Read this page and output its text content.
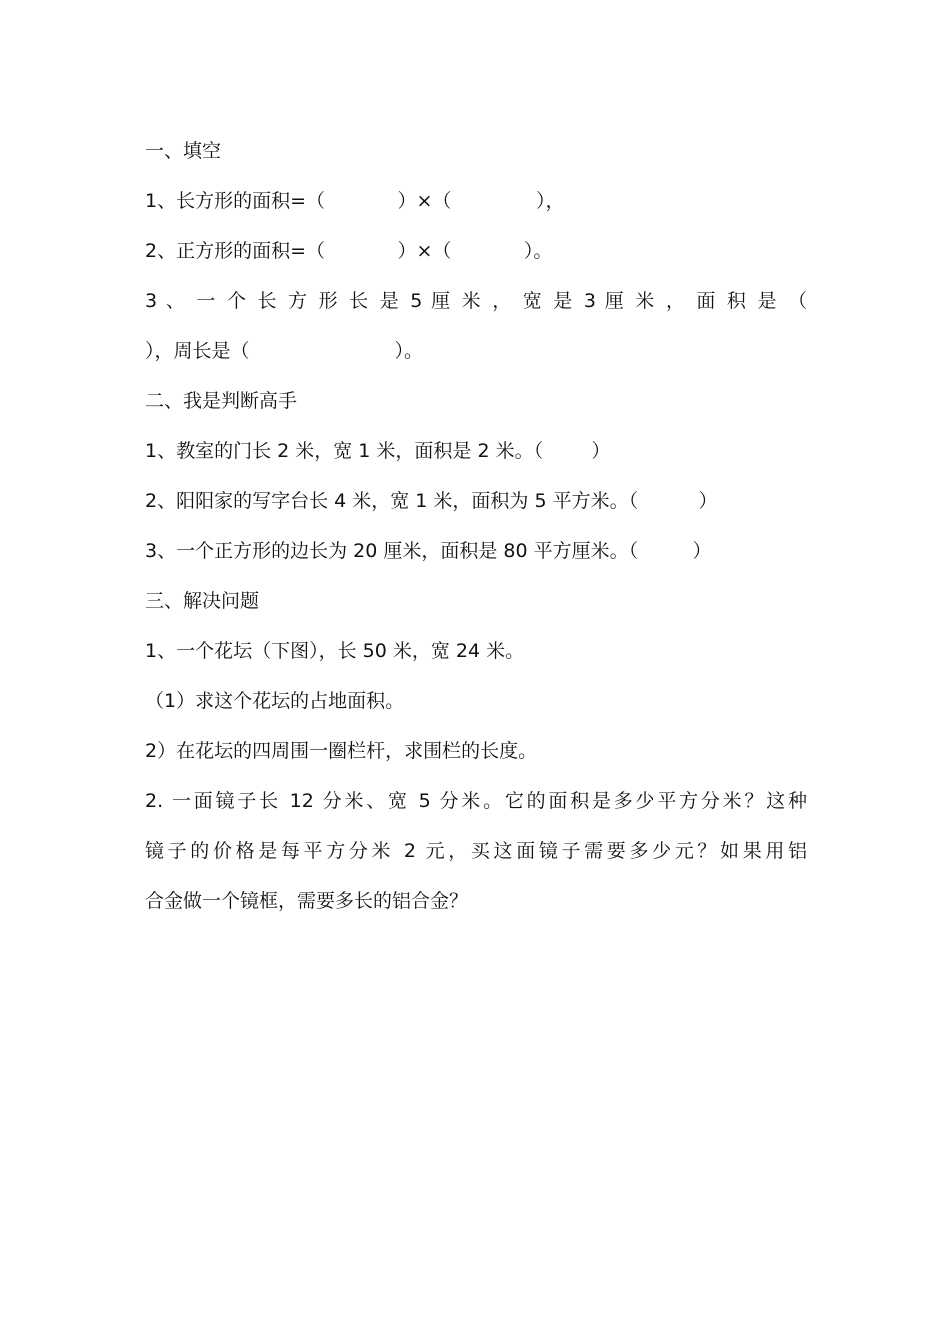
一、填空
1、长方形的面积=（            ）×（              ），
2、正方形的面积=（            ）×（            ）。
3 、 一 个 长 方 形 长 是 5 厘 米 ， 宽 是 3 厘 米 ， 面 积 是 （
），周长是（                        ）。
二、我是判断高手
1、教室的门长 2 米，宽 1 米，面积是 2 米。（        ）
2、阳阳家的写字台长 4 米，宽 1 米，面积为 5 平方米。（          ）
3、一个正方形的边长为 20 厘米，面积是 80 平方厘米。（         ）
三、解决问题
1、一个花坛（下图），长 50 米，宽 24 米。
（1）求这个花坛的占地面积。
2）在花坛的四周围一圈栏杆，求围栏的长度。
2. 一面镜子长 12 分米、宽 5 分米。它的面积是多少平方分米？这种
镜子的价格是每平方分米 2 元，买这面镜子需要多少元？如果用铝
合金做一个镜框，需要多长的铝合金？
